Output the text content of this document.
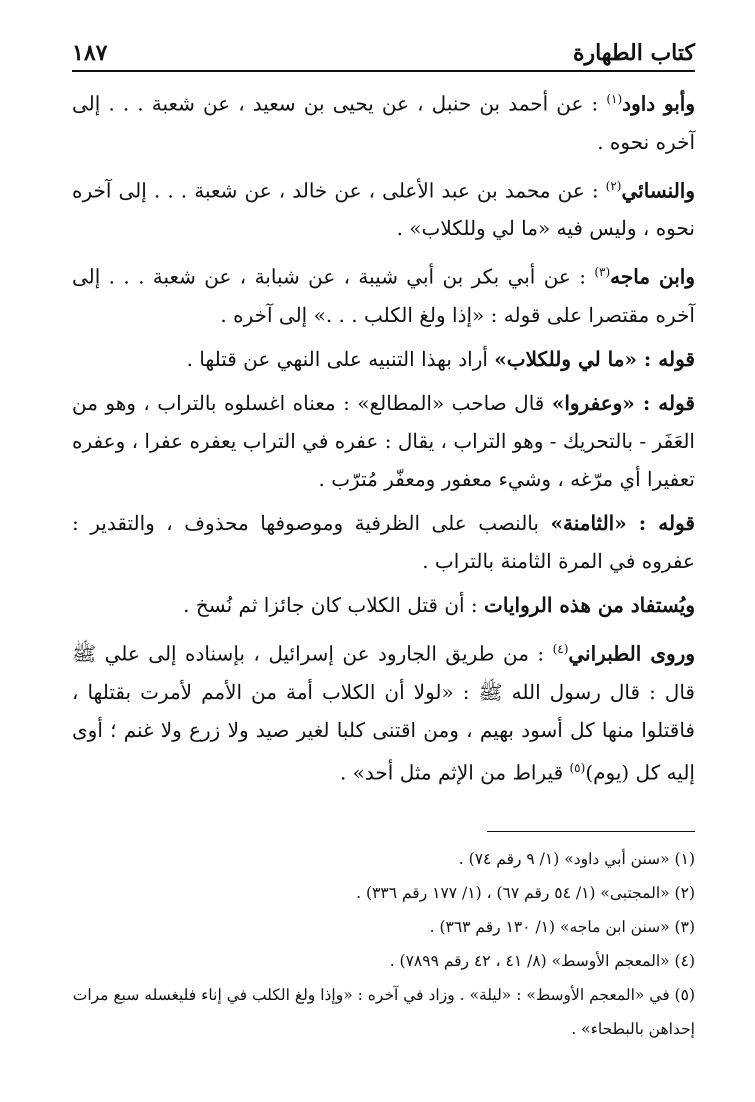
كتاب الطهارة
١٨٧

وأبو داود$^{(١)}$ : عن أحمد بن حنبل ، عن يحيى بن سعيد ، عن شعبة . . . إلى آخره نحوه .

والنسائي$^{(٢)}$ : عن محمد بن عبد الأعلى ، عن خالد ، عن شعبة . . . إلى آخره نحوه ، وليس فيه «ما لي وللكلاب» .

وابن ماجه$^{(٣)}$ : عن أبي بكر بن أبي شيبة ، عن شبابة ، عن شعبة . . . إلى آخره مقتصرا على قوله : «إذا ولغ الكلب . . .» إلى آخره .

قوله : «ما لي وللكلاب» أراد بهذا التنبيه على النهي عن قتلها .

قوله : «وعفروا» قال صاحب «المطالع» : معناه اغسلوه بالتراب ، وهو من العَفَر - بالتحريك - وهو التراب ، يقال : عفره في التراب يعفره عفرا ، وعفره تعفيرا أي مرّغه ، وشيء معفور ومعفّر مُترّب .

قوله : «الثامنة» بالنصب على الظرفية وموصوفها محذوف ، والتقدير : عفروه في المرة الثامنة بالتراب .

ويُستفاد من هذه الروايات : أن قتل الكلاب كان جائزا ثم نُسخ .

وروى الطبراني$^{(٤)}$ : من طريق الجارود عن إسرائيل ، بإسناده إلى علي ﷺ قال : قال رسول الله ﷺ : «لولا أن الكلاب أمة من الأمم لأمرت بقتلها ، فاقتلوا منها كل أسود بهيم ، ومن اقتنى كلبا لغير صيد ولا زرع ولا غنم ؛ أوى إليه كل (يوم)$^{(٥)}$ قيراط من الإثم مثل أحد» .

(١) «سنن أبي داود» (١/ ٩ رقم ٧٤) .

(٢) «المجتبى» (١/ ٥٤ رقم ٦٧) ، (١/ ١٧٧ رقم ٣٣٦) .

(٣) «سنن ابن ماجه» (١/ ١٣٠ رقم ٣٦٣) .

(٤) «المعجم الأوسط» (٨/ ٤١ ، ٤٢ رقم ٧٨٩٩) .

(٥) في «المعجم الأوسط» : «ليلة» . وزاد في آخره : «وإذا ولغ الكلب في إناء فليغسله سبع مرات إحداهن بالبطحاء» .
